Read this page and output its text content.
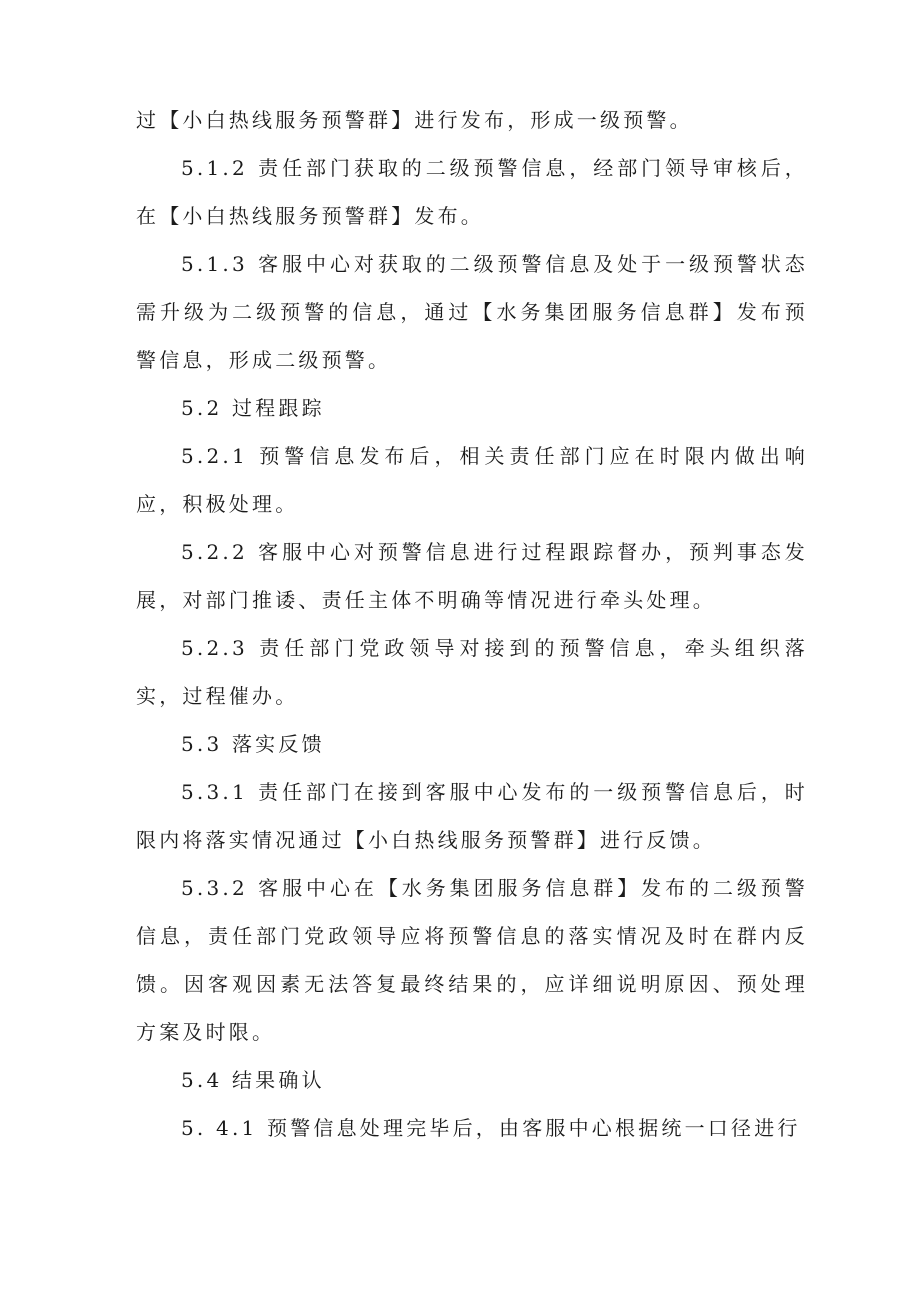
过【小白热线服务预警群】进行发布，形成一级预警。

5.1.2 责任部门获取的二级预警信息，经部门领导审核后，在【小白热线服务预警群】发布。

5.1.3 客服中心对获取的二级预警信息及处于一级预警状态需升级为二级预警的信息，通过【水务集团服务信息群】发布预警信息，形成二级预警。

5.2 过程跟踪

5.2.1 预警信息发布后，相关责任部门应在时限内做出响应，积极处理。

5.2.2 客服中心对预警信息进行过程跟踪督办，预判事态发展，对部门推诿、责任主体不明确等情况进行牵头处理。

5.2.3 责任部门党政领导对接到的预警信息，牵头组织落实，过程催办。

5.3 落实反馈

5.3.1 责任部门在接到客服中心发布的一级预警信息后，时限内将落实情况通过【小白热线服务预警群】进行反馈。

5.3.2 客服中心在【水务集团服务信息群】发布的二级预警信息，责任部门党政领导应将预警信息的落实情况及时在群内反馈。因客观因素无法答复最终结果的，应详细说明原因、预处理方案及时限。

5.4 结果确认

5. 4.1 预警信息处理完毕后，由客服中心根据统一口径进行
